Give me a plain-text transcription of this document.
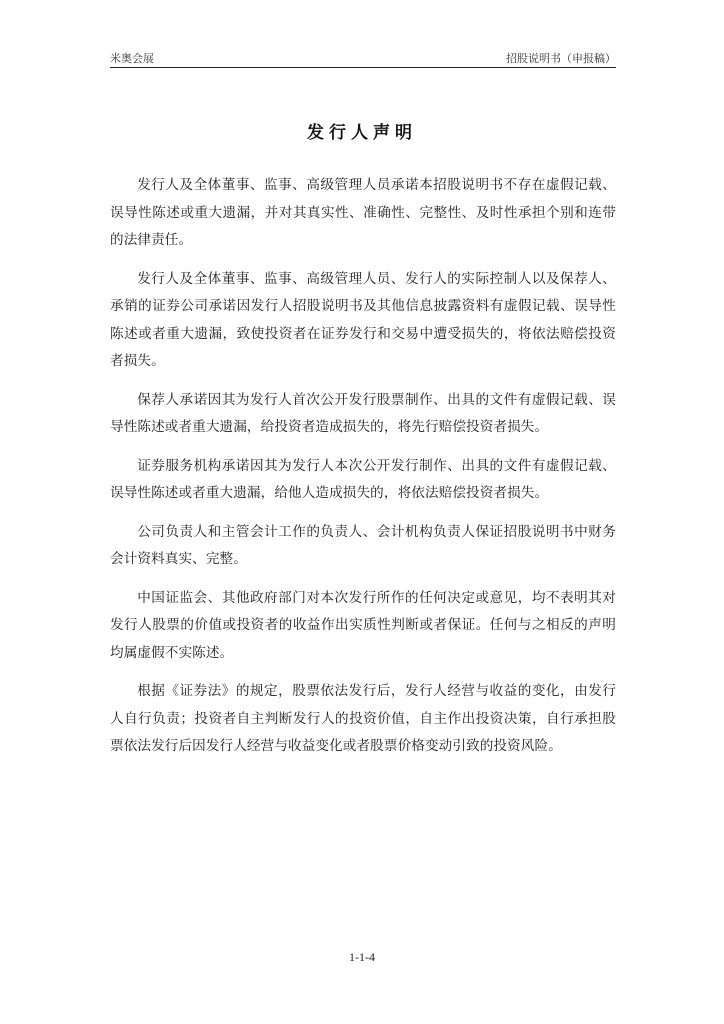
米奥会展	招股说明书（申报稿）
发行人声明

发行人及全体董事、监事、高级管理人员承诺本招股说明书不存在虚假记载、误导性陈述或重大遗漏，并对其真实性、准确性、完整性、及时性承担个别和连带的法律责任。

发行人及全体董事、监事、高级管理人员、发行人的实际控制人以及保荐人、承销的证券公司承诺因发行人招股说明书及其他信息披露资料有虚假记载、误导性陈述或者重大遗漏，致使投资者在证券发行和交易中遭受损失的，将依法赔偿投资者损失。

保荐人承诺因其为发行人首次公开发行股票制作、出具的文件有虚假记载、误导性陈述或者重大遗漏，给投资者造成损失的，将先行赔偿投资者损失。

证券服务机构承诺因其为发行人本次公开发行制作、出具的文件有虚假记载、误导性陈述或者重大遗漏，给他人造成损失的，将依法赔偿投资者损失。

公司负责人和主管会计工作的负责人、会计机构负责人保证招股说明书中财务会计资料真实、完整。

中国证监会、其他政府部门对本次发行所作的任何决定或意见，均不表明其对发行人股票的价值或投资者的收益作出实质性判断或者保证。任何与之相反的声明均属虚假不实陈述。

根据《证券法》的规定，股票依法发行后，发行人经营与收益的变化，由发行人自行负责；投资者自主判断发行人的投资价值，自主作出投资决策，自行承担股票依法发行后因发行人经营与收益变化或者股票价格变动引致的投资风险。

1-1-4
